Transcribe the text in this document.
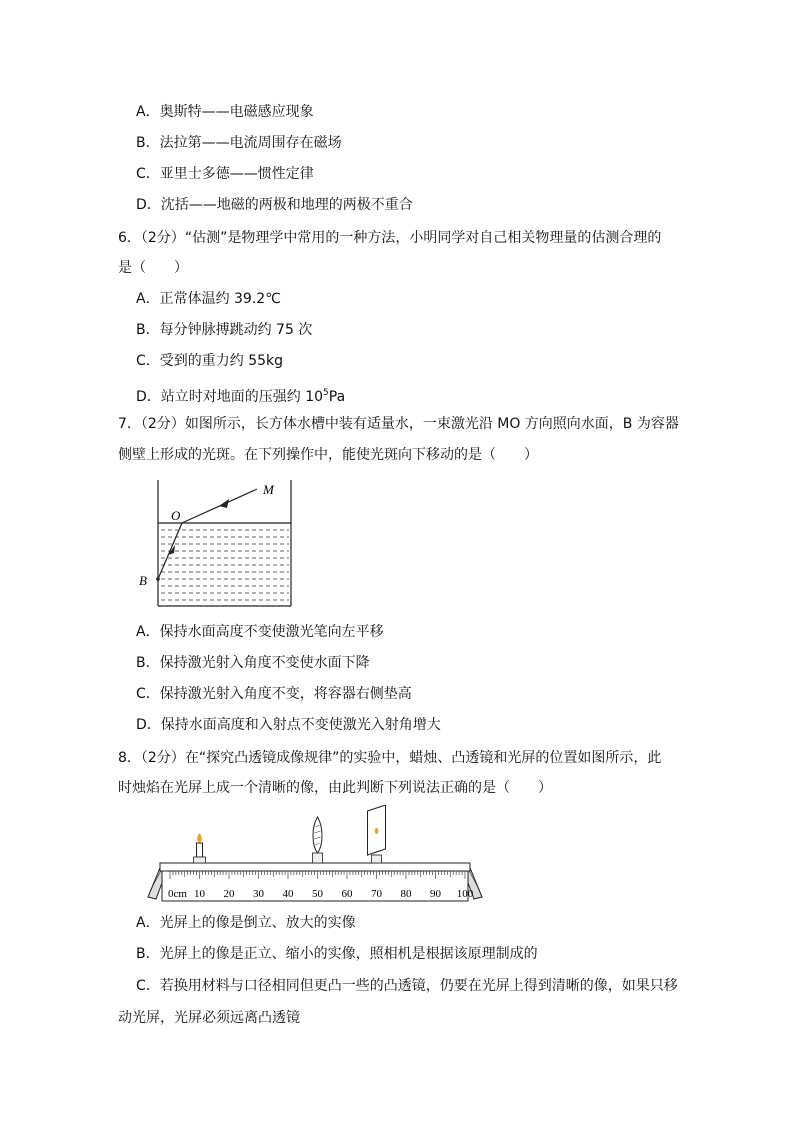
A．奥斯特——电磁感应现象
B．法拉第——电流周围存在磁场
C．亚里士多德——惯性定律
D．沈括——地磁的两极和地理的两极不重合
6．（2分）“估测”是物理学中常用的一种方法，小明同学对自己相关物理量的估测合理的
是（　　）
A．正常体温约 39.2℃
B．每分钟脉搏跳动约 75 次
C．受到的重力约 55kg
D．站立时对地面的压强约 $10^5Pa$
7．（2分）如图所示，长方体水槽中装有适量水，一束激光沿 MO 方向照向水面，B 为容器
侧壁上形成的光斑。在下列操作中，能使光斑向下移动的是（　　）
M
O
B
A．保持水面高度不变使激光笔向左平移
B．保持激光射入角度不变使水面下降
C．保持激光射入角度不变，将容器右侧垫高
D．保持水面高度和入射点不变使激光入射角增大
8．（2分）在“探究凸透镜成像规律”的实验中，蜡烛、凸透镜和光屏的位置如图所示，此
时烛焰在光屏上成一个清晰的像，由此判断下列说法正确的是（　　）
0cm 10 20 30 40 50 60 70 80 90 100
A．光屏上的像是倒立、放大的实像
B．光屏上的像是正立、缩小的实像，照相机是根据该原理制成的
C．若换用材料与口径相同但更凸一些的凸透镜，仍要在光屏上得到清晰的像，如果只移
动光屏，光屏必须远离凸透镜
